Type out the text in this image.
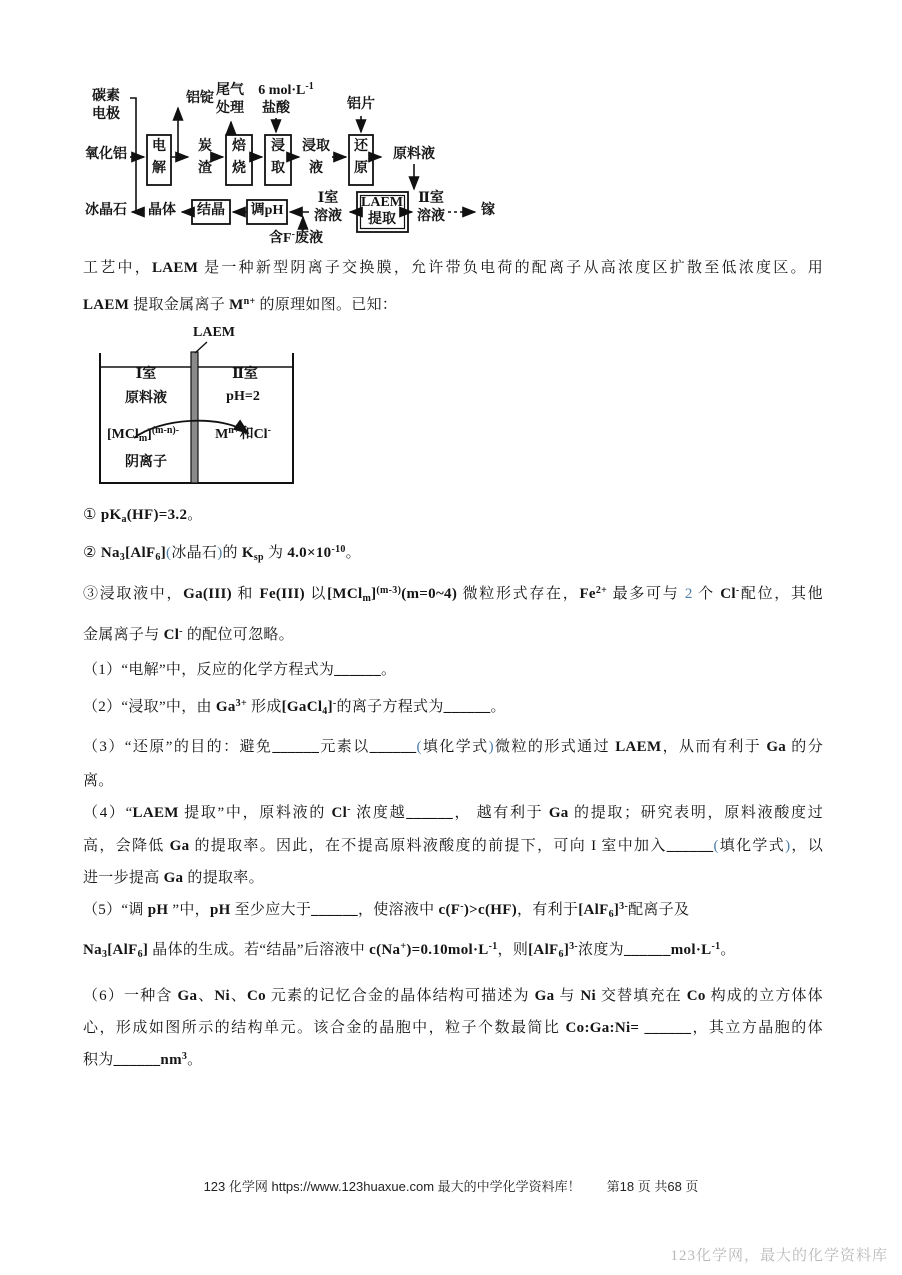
碳素
电极
氧化铝
铝锭
尾气
处理
6 $mol\cdot L^{-1}$
盐酸	铝片
电
解
炭
渣
焙
烧
浸
取
浸取
液
还
原
原料液
冰晶石 晶体 结晶 调pH
Ⅰ室
溶液
LAEM
提取
Ⅱ室
溶液	镓
含F-废液
LAEM
Ⅰ室
原料液
$[MCl_m]^{(m-n)-}$
阴离子
Ⅱ室
pH=2
$M^{n+}$和Cl-
工艺中，LAEM 是一种新型阴离子交换膜，允许带负电荷的配离子从高浓度区扩散至低浓度区。用
LAEM 提取金属离子 $M^{n+}$ 的原理如图。已知：
① $pK_a(HF)=3.2$。
② $Na_3[AlF_6]$(冰晶石)的 $K_{sp}$ 为 $4.0\times 10^{-10}$。
③浸取液中，Ga(III) 和 Fe(III) 以$[MCl_m]^{(m-3)}(m=0\sim 4)$ 微粒形式存在，$Fe^{2+}$ 最多可与 2 个 Cl-配位，其他
金属离子与 Cl- 的配位可忽略。
（1）“电解”中，反应的化学方程式为______。
（2）“浸取”中，由 $Ga^{3+}$ 形成[GaCl$_4$]-的离子方程式为______。
（3）“还原”的目的：避免______元素以______(填化学式)微粒的形式通过 LAEM，从而有利于 Ga 的分
离。
（4）“LAEM 提取”中，原料液的 Cl- 浓度越______， 越有利于 Ga 的提取；研究表明，原料液酸度过
高，会降低 Ga 的提取率。因此，在不提高原料液酸度的前提下，可向 I 室中加入______(填化学式)，以
进一步提高 Ga 的提取率。
（5）“调 pH ”中，pH 至少应大于______，使溶液中 c(F-)>c(HF)，有利于$[AlF_6]^{3-}$配离子及
$Na_3[AlF_6]$ 晶体的生成。若“结晶”后溶液中 $c(Na^+)=0.10mol\cdot L^{-1}$，则$[AlF_6]^{3-}$浓度为$\_\_\_\_\_\_mol\cdot L^{-1}$。
（6）一种含 Ga、Ni、Co 元素的记忆合金的晶体结构可描述为 Ga 与 Ni 交替填充在 Co 构成的立方体体
心，形成如图所示的结构单元。该合金的晶胞中，粒子个数最简比 Co:Ga:Ni= ______，其立方晶胞的体
积为$\_\_\_\_\_\_nm^3$。
123 化学网 https://www.123huaxue.com 最大的中学化学资料库！　　第18 页 共68 页
123化学网，最大的化学资料库
